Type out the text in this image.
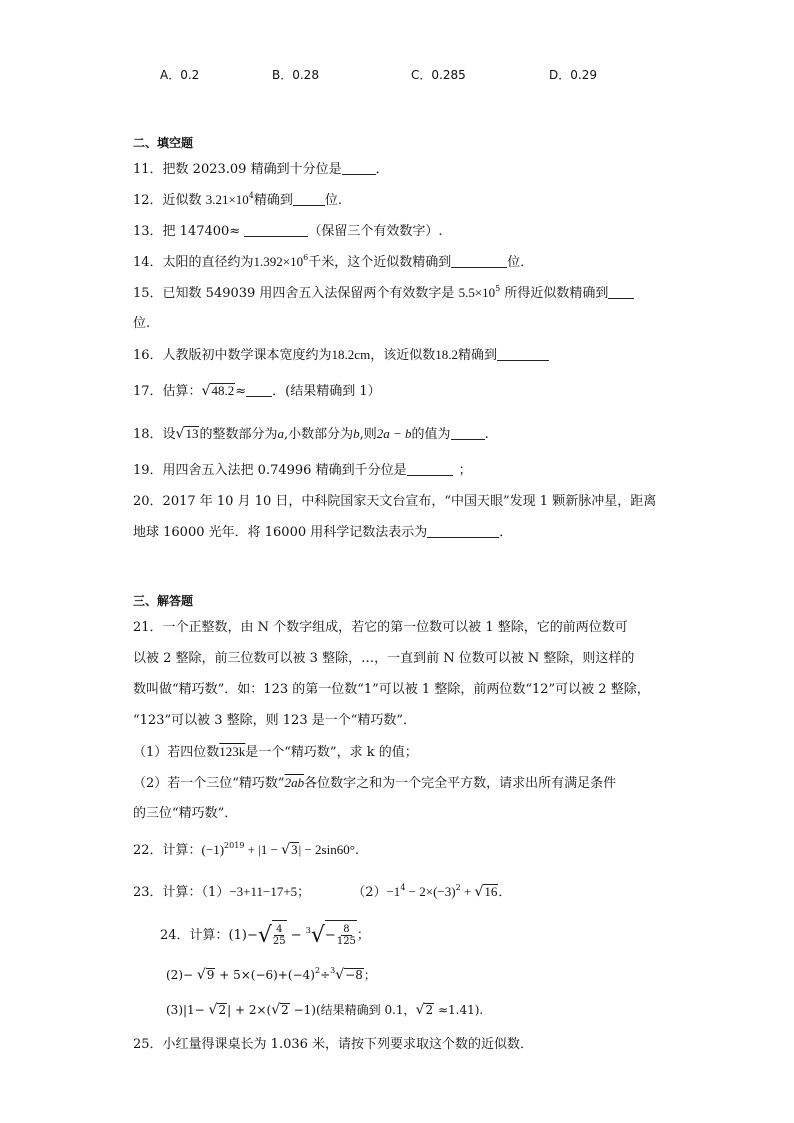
A．0.2	B．0.28	C．0.285	D．0.29
二、填空题
11．把数 2023.09 精确到十分位是	．
12．近似数 $3.21\times 10^4$精确到 位.
13．把 147400≈	（保留三个有效数字）.
14．太阳的直径约为$1.392\times 10^6$千米，这个近似数精确到	位．
15．已知数 549039 用四舍五入法保留两个有效数字是 $5.5\times 10^5$ 所得近似数精确到
位.
16．人教版初中数学课本宽度约为18.2cm，该近似数18.2精确到
17．估算：√48.2≈ ．(结果精确到 1）
18．设√13的整数部分为a,小数部分为b,则2a − b的值为	.
19．用四舍五入法把 0.74996 精确到千分位是	；
20．2017 年 10 月 10 日，中科院国家天文台宣布，“中国天眼”发现 1 颗新脉冲星，距离
地球 16000 光年．将 16000 用科学记数法表示为	．
三、解答题
21．一个正整数，由 N 个数字组成，若它的第一位数可以被 1 整除，它的前两位数可
以被 2 整除，前三位数可以被 3 整除，…，一直到前 N 位数可以被 N 整除，则这样的
数叫做“精巧数”．如：123 的第一位数“1”可以被 1 整除，前两位数“12”可以被 2 整除，
“123”可以被 3 整除，则 123 是一个“精巧数”．
（1）若四位数123k是一个“精巧数”，求 k 的值；
（2）若一个三位“精巧数”2ab各位数字之和为一个完全平方数，请求出所有满足条件
的三位“精巧数”．
22．计算：$(-1)^{2019} + |1 - √3| - 2\sin 60^\circ$.
23．计算：（1）−3+11−17+5；	$(2)-1^4 - 2\times(-3)^2 + √16$．
24．计算：(1)− √ $\frac{4}{25} - ^3$ √ − $\frac{8}{125}$ ；
$(2)- √9 + 5\times(-6)+(-4)^2\div^3√-8$；
(3)|1− √2| + 2×(√2 −1)(结果精确到 0.1，√2 ≈1.41).
25．小红量得课桌长为 1.036 米，请按下列要求取这个数的近似数．
